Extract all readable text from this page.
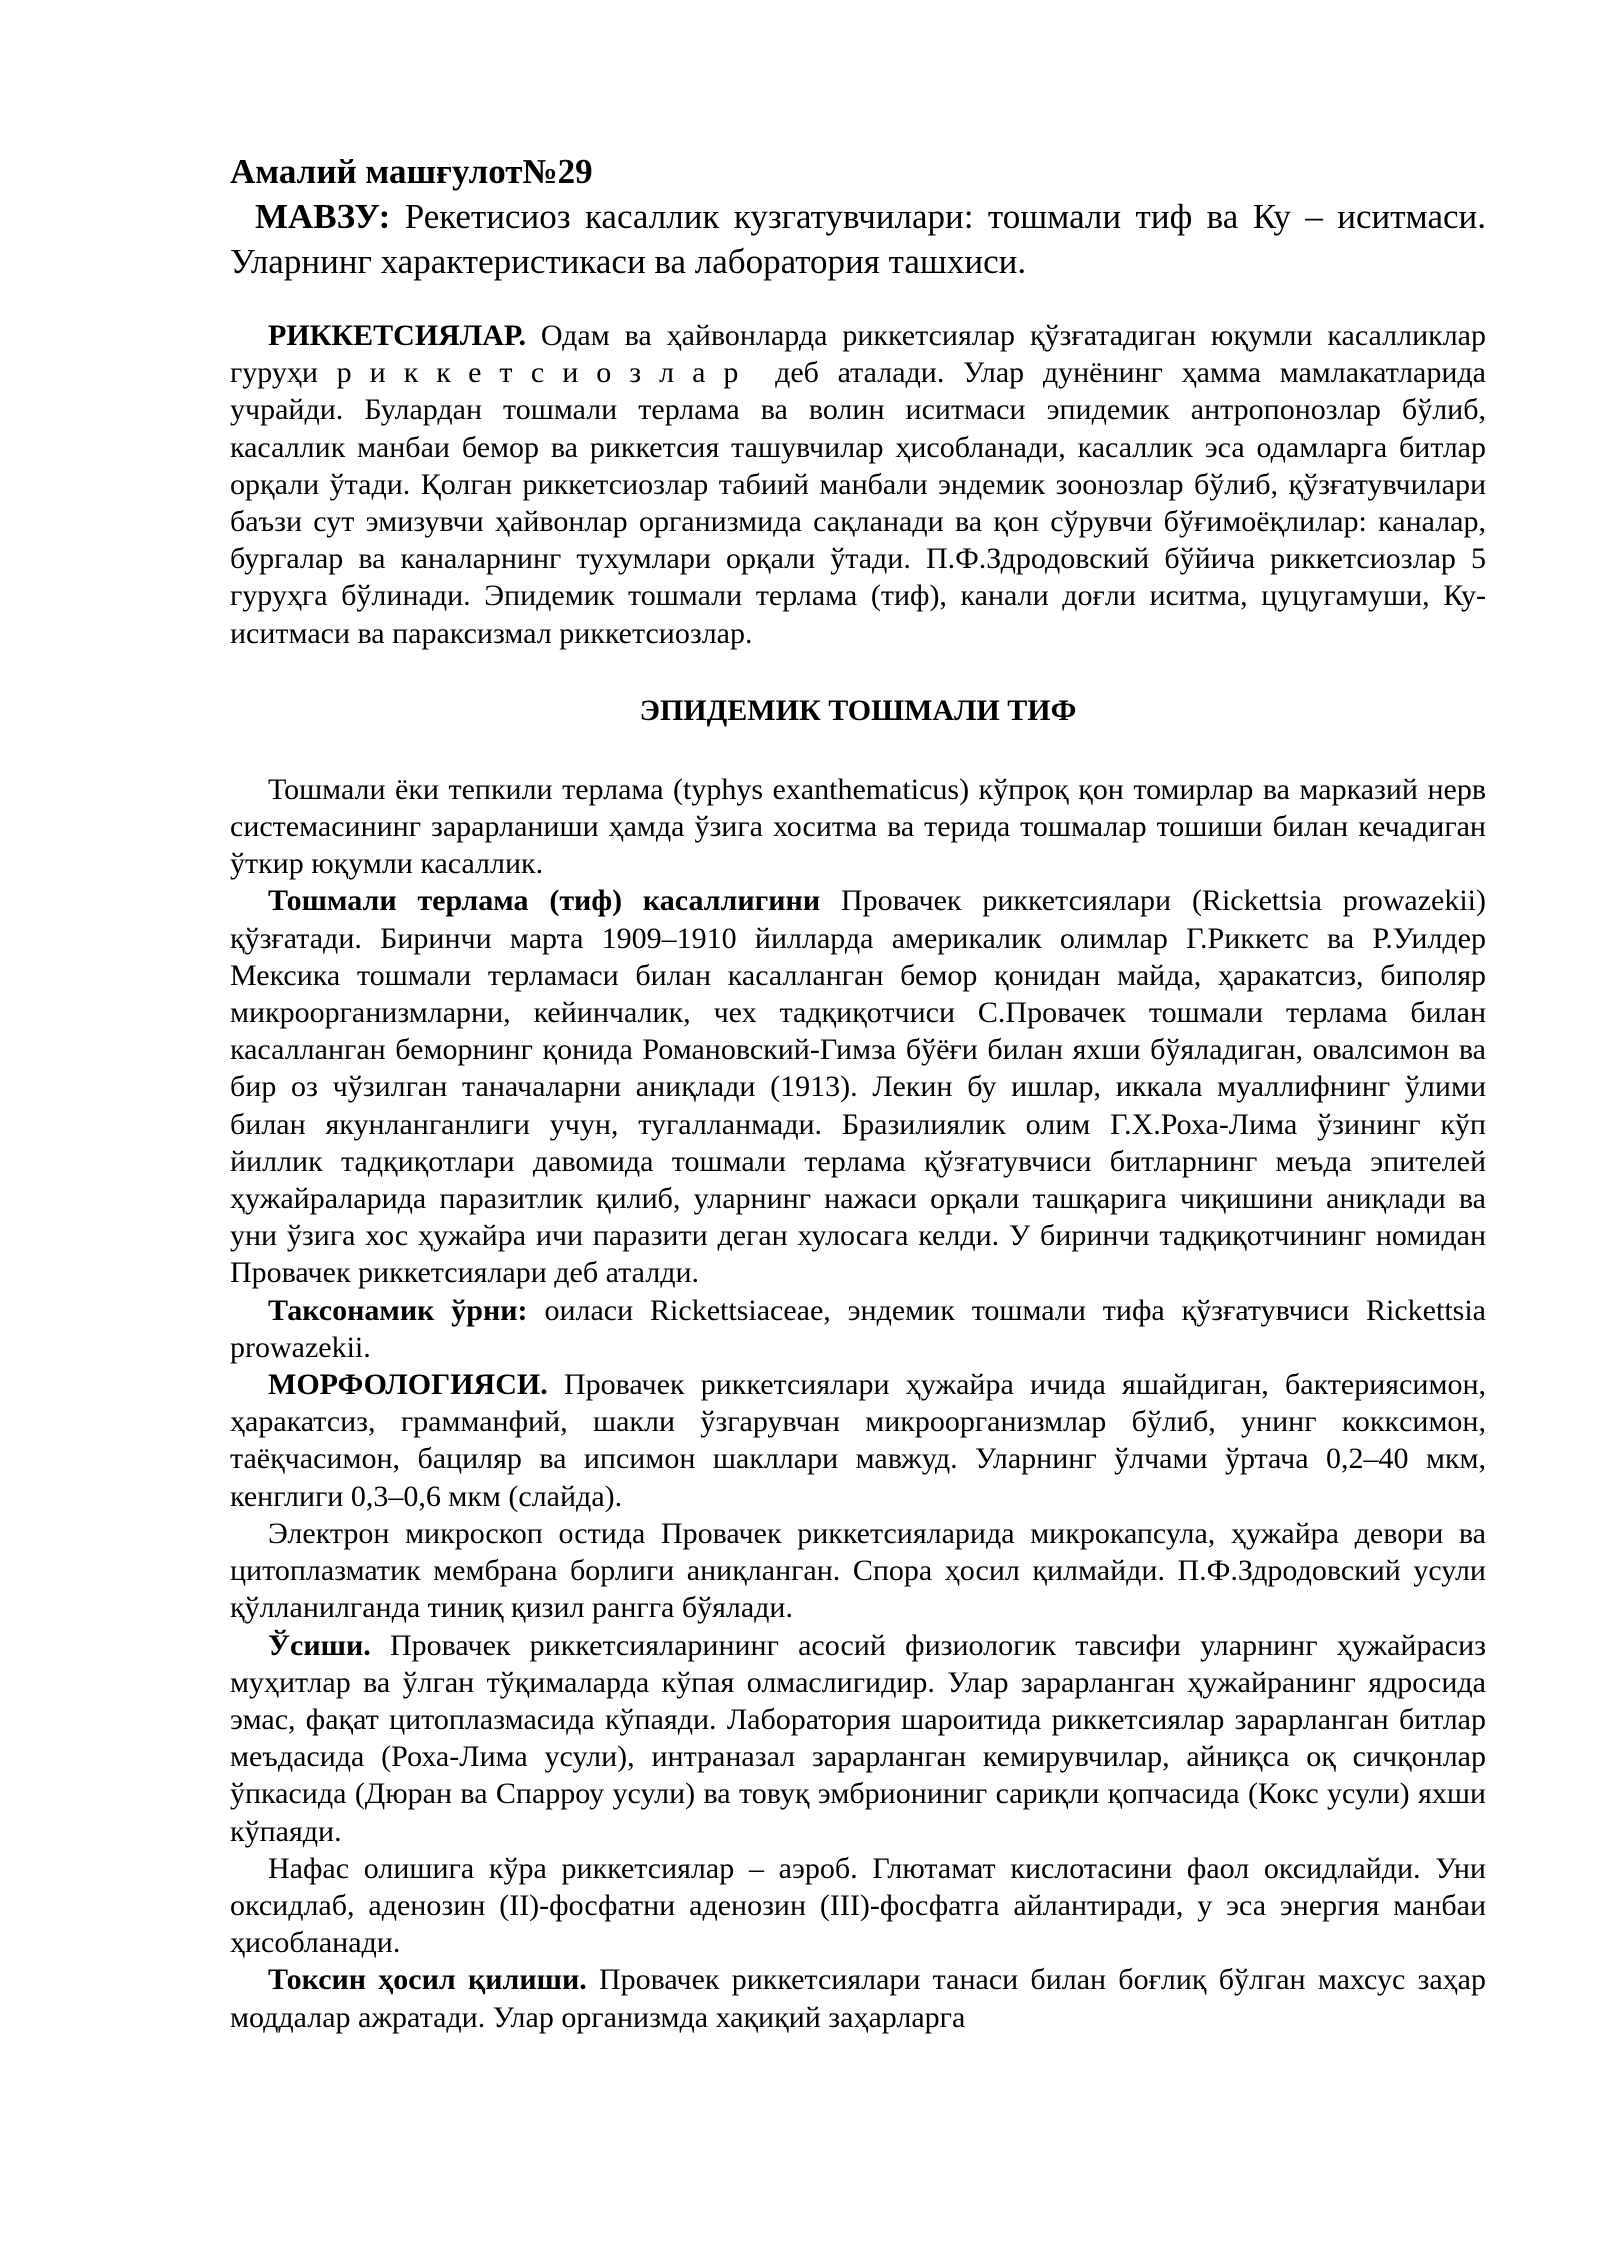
Амалий машғулот№29

МАВЗУ: Рекетисиоз касаллик кузгатувчилари: тошмали тиф ва Ку – иситмаси. Уларнинг характеристикаси ва лаборатория ташхиси.

РИККЕТСИЯЛАР. Одам ва ҳайвонларда риккетсиялар қўзғатадиган юқумли касалликлар гуруҳи риккетсиозлар деб аталади. Улар дунёнинг ҳамма мамлакатларида учрайди. Булардан тошмали терлама ва волин иситмаси эпидемик антропонозлар бўлиб, касаллик манбаи бемор ва риккетсия ташувчилар ҳисобланади, касаллик эса одамларга битлар орқали ўтади. Қолган риккетсиозлар табиий манбали эндемик зоонозлар бўлиб, қўзғатувчилари баъзи сут эмизувчи ҳайвонлар организмида сақланади ва қон сўрувчи бўғимоёқлилар: каналар, бургалар ва каналарнинг тухумлари орқали ўтади. П.Ф.Здродовский бўйича риккетсиозлар 5 гуруҳга бўлинади. Эпидемик тошмали терлама (тиф), канали доғли иситма, цуцугамуши, Ку-иситмаси ва параксизмал риккетсиозлар.

ЭПИДЕМИК ТОШМАЛИ ТИФ

Тошмали ёки тепкили терлама (typhys exanthematicus) кўпроқ қон томирлар ва марказий нерв системасининг зарарланиши ҳамда ўзига хоситма ва терида тошмалар тошиши билан кечадиган ўткир юқумли касаллик.

Тошмали терлама (тиф) касаллигини Провачек риккетсиялари (Rickettsia prowazekii) қўзғатади. Биринчи марта 1909–1910 йилларда америкалик олимлар Г.Риккетс ва Р.Уилдер Мексика тошмали терламаси билан касалланган бемор қонидан майда, ҳаракатсиз, биполяр микроорганизмларни, кейинчалик, чех тадқиқотчиси С.Провачек тошмали терлама билан касалланган беморнинг қонида Романовский-Гимза бўёғи билан яхши бўяладиган, овалсимон ва бир оз чўзилган таначаларни аниқлади (1913). Лекин бу ишлар, иккала муаллифнинг ўлими билан якунланганлиги учун, тугалланмади. Бразилиялик олим Г.Х.Роха-Лима ўзининг кўп йиллик тадқиқотлари давомида тошмали терлама қўзғатувчиси битларнинг меъда эпителей ҳужайраларида паразитлик қилиб, уларнинг нажаси орқали ташқарига чиқишини аниқлади ва уни ўзига хос ҳужайра ичи паразити деган хулосага келди. У биринчи тадқиқотчининг номидан Провачек риккетсиялари деб аталди.

Таксонамик ўрни: оиласи Rickettsiaceae, эндемик тошмали тифа қўзғатувчиси Rickettsia prowazekii.

МОРФОЛОГИЯСИ. Провачек риккетсиялари ҳужайра ичида яшайдиган, бактериясимон, ҳаракатсиз, грамманфий, шакли ўзгарувчан микроорганизмлар бўлиб, унинг коккcимон, таёқчасимон, бациляр ва ипсимон шакллари мавжуд. Уларнинг ўлчами ўртача 0,2–40 мкм, кенглиги 0,3–0,6 мкм (слайда).

Электрон микроскоп остида Провачек риккетсияларида микрокапсула, ҳужайра девори ва цитоплазматик мембрана борлиги аниқланган. Спора ҳосил қилмайди. П.Ф.Здродовский усули қўлланилганда тиниқ қизил рангга бўялади.

Ўсиши. Провачек риккетсияларининг асосий физиологик тавсифи уларнинг ҳужайрасиз муҳитлар ва ўлган тўқималарда кўпая олмаслигидир. Улар зарарланган ҳужайранинг ядросида эмас, фақат цитоплазмасида кўпаяди. Лаборатория шароитида риккетсиялар зарарланган битлар меъдасида (Роха-Лима усули), интраназал зарарланган кемирувчилар, айниқса оқ сичқонлар ўпкасида (Дюран ва Спарроу усули) ва товуқ эмбриониниг сариқли қопчасида (Кокс усули) яхши кўпаяди.

Нафас олишига кўра риккетсиялар – аэроб. Глютамат кислотасини фаол оксидлайди. Уни оксидлаб, аденозин (II)-фосфатни аденозин (III)-фосфатга айлантиради, у эса энергия манбаи ҳисобланади.

Токсин ҳосил қилиши. Провачек риккетсиялари танаси билан боғлиқ бўлган махсус заҳар моддалар ажратади. Улар организмда хақиқий заҳарларга
